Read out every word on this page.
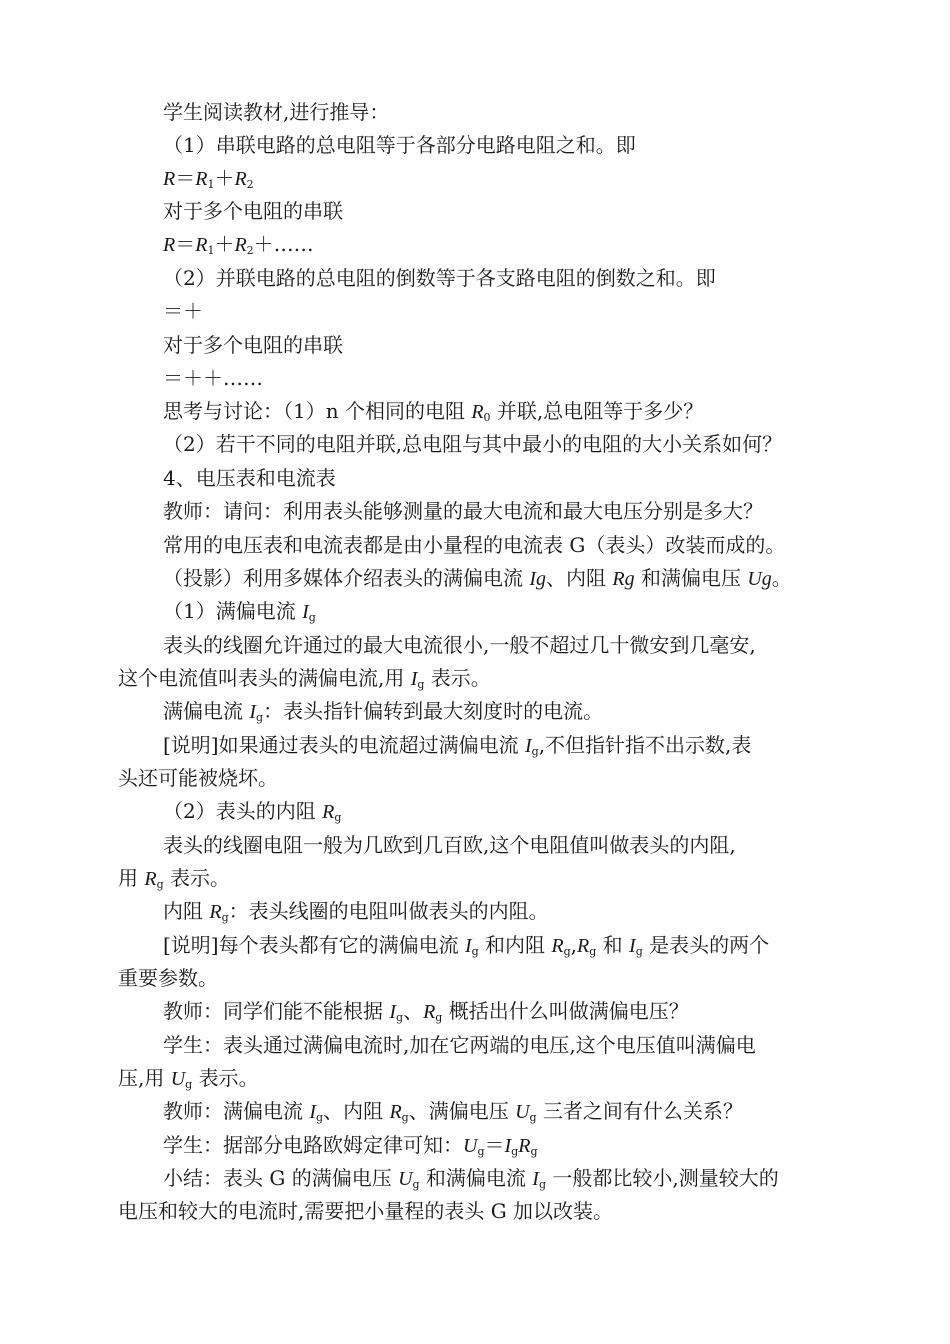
学生阅读教材,进行推导：
（1）串联电路的总电阻等于各部分电路电阻之和。即
$R=R_1+R_2$
对于多个电阻的串联
$R=R_1+R_2+\dots\dots$
（2）并联电路的总电阻的倒数等于各支路电阻的倒数之和。即
＝＋
对于多个电阻的串联
＝＋＋……
思考与讨论：（1）n 个相同的电阻 $R_0$ 并联,总电阻等于多少？
（2）若干不同的电阻并联,总电阻与其中最小的电阻的大小关系如何？
4、电压表和电流表
教师：请问：利用表头能够测量的最大电流和最大电压分别是多大？
常用的电压表和电流表都是由小量程的电流表 G（表头）改装而成的。
（投影）利用多媒体介绍表头的满偏电流 Ig、内阻 Rg 和满偏电压 Ug。
（1）满偏电流 $I_g$
表头的线圈允许通过的最大电流很小,一般不超过几十微安到几毫安,
这个电流值叫表头的满偏电流,用 $I_g$ 表示。
满偏电流 $I_g$：表头指针偏转到最大刻度时的电流。
[说明]如果通过表头的电流超过满偏电流 $I_g$,不但指针指不出示数,表
头还可能被烧坏。
（2）表头的内阻 $R_g$
表头的线圈电阻一般为几欧到几百欧,这个电阻值叫做表头的内阻,
用 $R_g$ 表示。
内阻 $R_g$：表头线圈的电阻叫做表头的内阻。
[说明]每个表头都有它的满偏电流 $I_g$ 和内阻 $R_g,R_g$ 和 $I_g$ 是表头的两个
重要参数。
教师：同学们能不能根据 $I_g$、$R_g$ 概括出什么叫做满偏电压？
学生：表头通过满偏电流时,加在它两端的电压,这个电压值叫满偏电
压,用 $U_g$ 表示。
教师：满偏电流 $I_g$、内阻 $R_g$、满偏电压 $U_g$ 三者之间有什么关系？
学生：据部分电路欧姆定律可知：$U_g=I_gR_g$
小结：表头 G 的满偏电压 $U_g$ 和满偏电流 $I_g$ 一般都比较小,测量较大的
电压和较大的电流时,需要把小量程的表头 G 加以改装。
